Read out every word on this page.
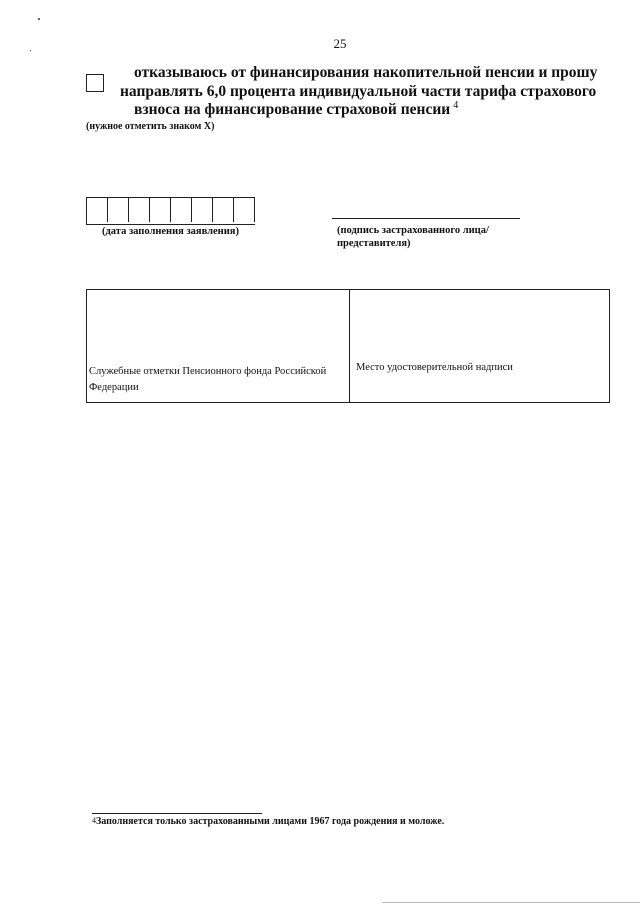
25
отказываюсь от финансирования накопительной пенсии и прошу
направлять 6,0 процента индивидуальной части тарифа страхового
взноса на финансирование страховой пенсии $^4$
(нужное отметить знаком X)
(дата заполнения заявления)	(подпись застрахованного лица/
представителя)
Служебные отметки Пенсионного фонда Российской Федерации
Место удостоверительной надписи
$^4$Заполняется только застрахованными лицами 1967 года рождения и моложе.
